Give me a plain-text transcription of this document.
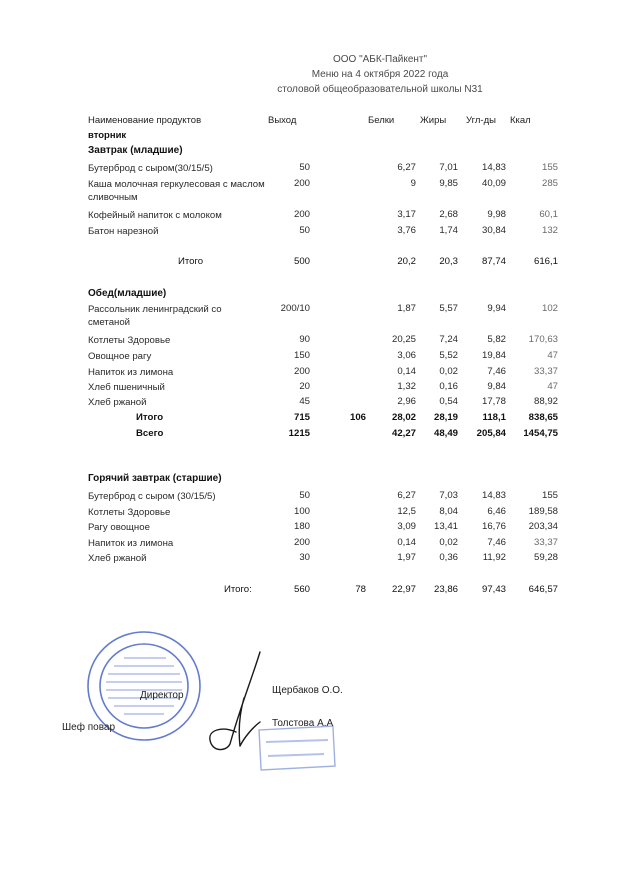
ООО "АБК-Пайкент"
Меню на 4 октября 2022 года
столовой общеобразовательной школы N31
Наименование продуктов	Выход	Белки	Жиры Угл-ды Ккал
вторник
Завтрак (младшие)
Бутерброд с сыром(30/15/5)	50	6,27	7,01	14,83	155
Каша молочная геркулесовая с маслом сливочным
200	9	9,85	40,09	285
Кофейный напиток с молоком	200	3,17	2,68	9,98	60,1
Батон нарезной	50	3,76	1,74	30,84	132
Итого	500	20,2	20,3	87,74	616,1
Обед(младшие)
Рассольник ленинградский со сметаной
200/10	1,87	5,57	9,94	102
Котлеты Здоровье	90	20,25	7,24	5,82	170,63
Овощное рагу	150	3,06	5,52	19,84	47
Напиток из лимона	200	0,14	0,02	7,46	33,37
Хлеб пшеничный	20	1,32	0,16	9,84	47
Хлеб ржаной	45	2,96	0,54	17,78	88,92
Итого	715	106	28,02	28,19	118,1	838,65
Всего	1215	42,27	48,49	205,84	1454,75
Горячий завтрак (старшие)
Бутерброд с сыром (30/15/5)	50	6,27	7,03	14,83	155
Котлеты Здоровье	100	12,5	8,04	6,46	189,58
Рагу овощное	180	3,09	13,41	16,76	203,34
Напиток из лимона	200	0,14	0,02	7,46	33,37
Хлеб ржаной	30	1,97	0,36	11,92	59,28
Итого:	560	78	22,97	23,86	97,43	646,57
Директор	Щербаков О.О.
Шеф повар	Толстова А.А
